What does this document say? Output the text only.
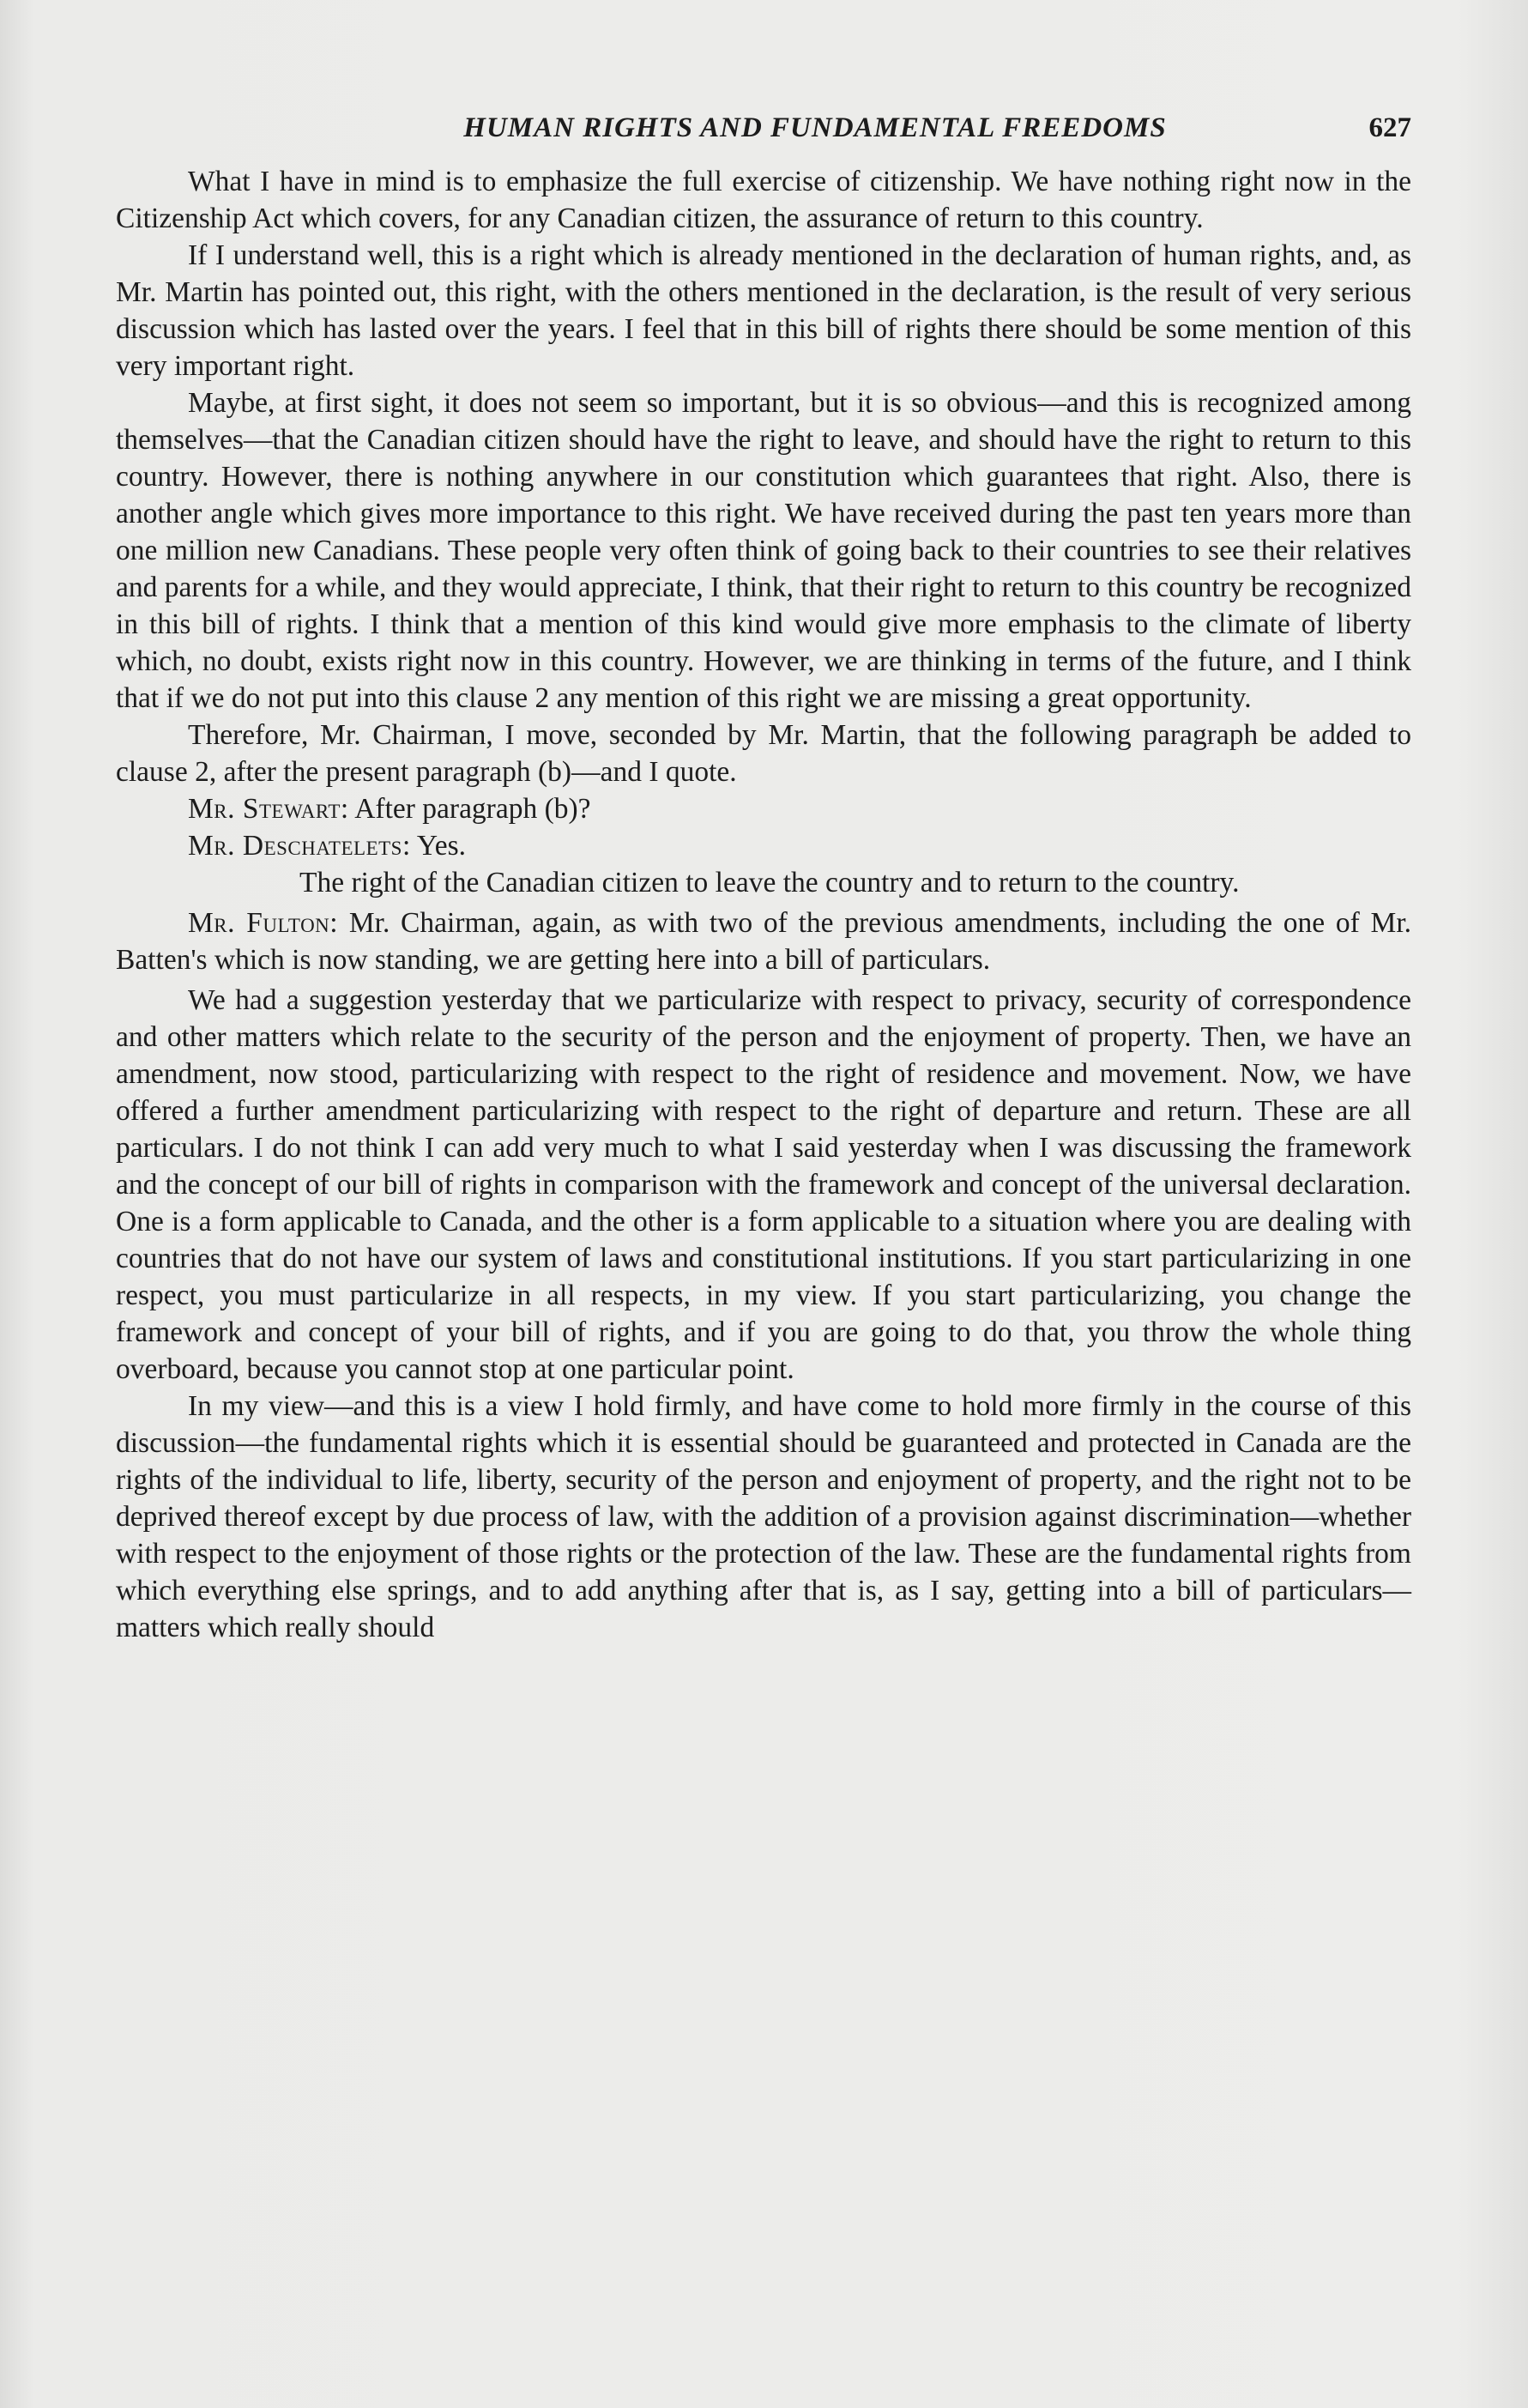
HUMAN RIGHTS AND FUNDAMENTAL FREEDOMS	627

What I have in mind is to emphasize the full exercise of citizenship. We have nothing right now in the Citizenship Act which covers, for any Canadian citizen, the assurance of return to this country.

If I understand well, this is a right which is already mentioned in the declaration of human rights, and, as Mr. Martin has pointed out, this right, with the others mentioned in the declaration, is the result of very serious discussion which has lasted over the years. I feel that in this bill of rights there should be some mention of this very important right.

Maybe, at first sight, it does not seem so important, but it is so obvious—and this is recognized among themselves—that the Canadian citizen should have the right to leave, and should have the right to return to this country. However, there is nothing anywhere in our constitution which guarantees that right. Also, there is another angle which gives more importance to this right. We have received during the past ten years more than one million new Canadians. These people very often think of going back to their countries to see their relatives and parents for a while, and they would appreciate, I think, that their right to return to this country be recognized in this bill of rights. I think that a mention of this kind would give more emphasis to the climate of liberty which, no doubt, exists right now in this country. However, we are thinking in terms of the future, and I think that if we do not put into this clause 2 any mention of this right we are missing a great opportunity.

Therefore, Mr. Chairman, I move, seconded by Mr. Martin, that the following paragraph be added to clause 2, after the present paragraph (b)—and I quote.

Mr. Stewart: After paragraph (b)?

Mr. Deschatelets: Yes.

The right of the Canadian citizen to leave the country and to return to the country.

Mr. Fulton: Mr. Chairman, again, as with two of the previous amendments, including the one of Mr. Batten's which is now standing, we are getting here into a bill of particulars.

We had a suggestion yesterday that we particularize with respect to privacy, security of correspondence and other matters which relate to the security of the person and the enjoyment of property. Then, we have an amendment, now stood, particularizing with respect to the right of residence and movement. Now, we have offered a further amendment particularizing with respect to the right of departure and return. These are all particulars. I do not think I can add very much to what I said yesterday when I was discussing the framework and the concept of our bill of rights in comparison with the framework and concept of the universal declaration. One is a form applicable to Canada, and the other is a form applicable to a situation where you are dealing with countries that do not have our system of laws and constitutional institutions. If you start particularizing in one respect, you must particularize in all respects, in my view. If you start particularizing, you change the framework and concept of your bill of rights, and if you are going to do that, you throw the whole thing overboard, because you cannot stop at one particular point.

In my view—and this is a view I hold firmly, and have come to hold more firmly in the course of this discussion—the fundamental rights which it is essential should be guaranteed and protected in Canada are the rights of the individual to life, liberty, security of the person and enjoyment of property, and the right not to be deprived thereof except by due process of law, with the addition of a provision against discrimination—whether with respect to the enjoyment of those rights or the protection of the law. These are the fundamental rights from which everything else springs, and to add anything after that is, as I say, getting into a bill of particulars—matters which really should
